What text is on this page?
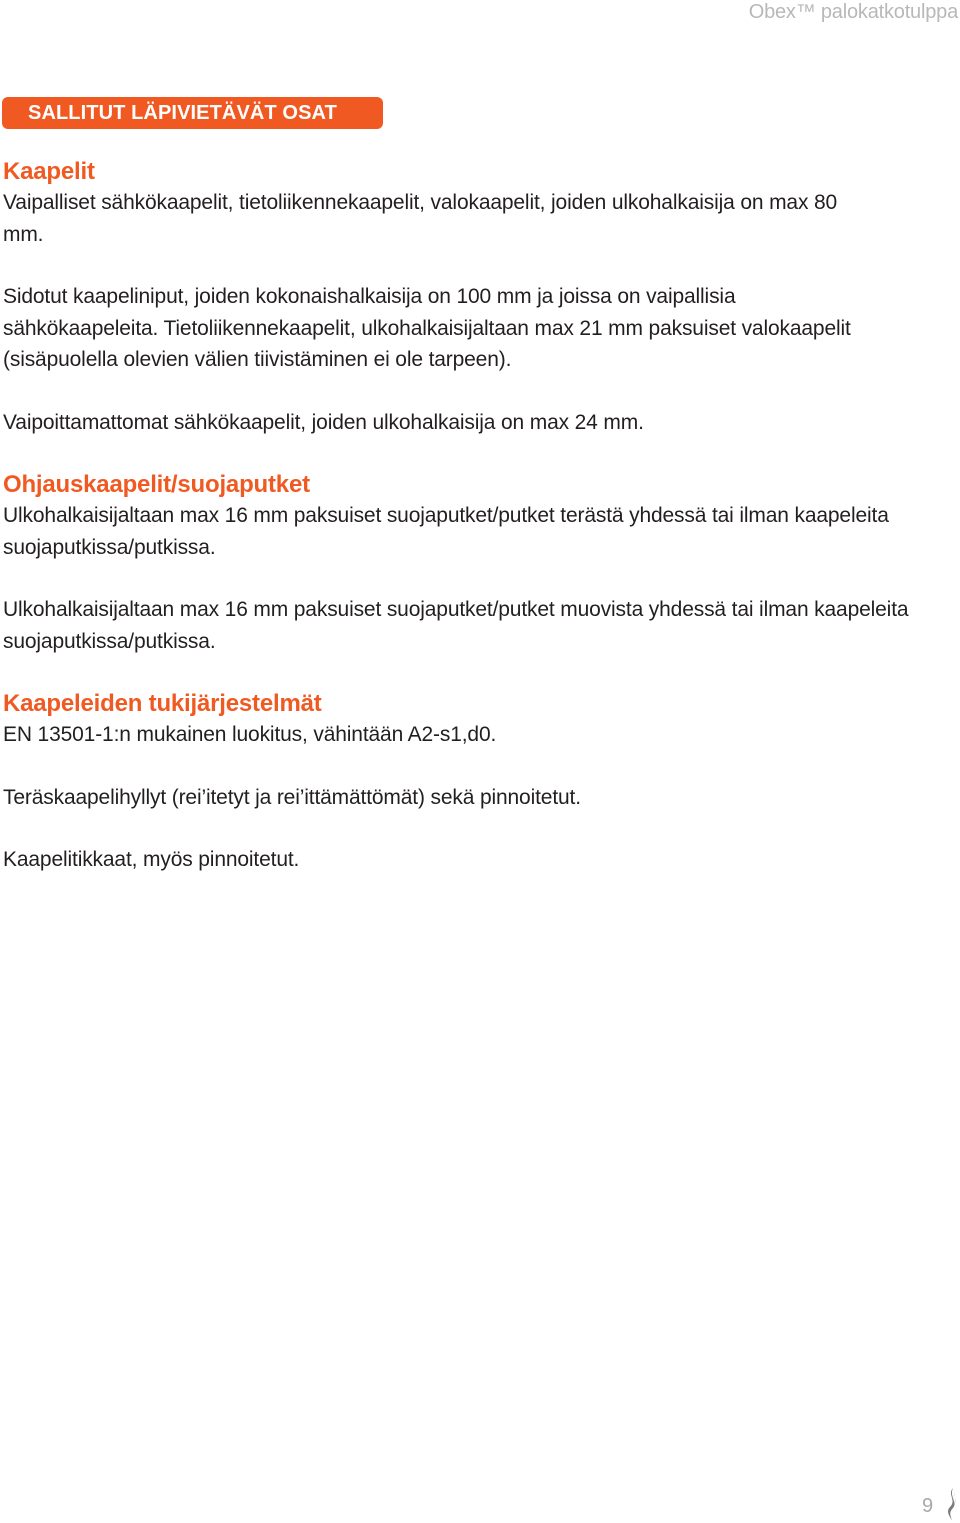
Obex™ palokatkotulppa
SALLITUT LÄPIVIETÄVÄT OSAT
Kaapelit

Vaipalliset sähkökaapelit, tietoliikennekaapelit, valokaapelit, joiden ulkohalkaisija on max 80 mm.

Sidotut kaapeliniput, joiden kokonaishalkaisija on 100 mm ja joissa on vaipallisia sähkökaapeleita. Tietoliikennekaapelit, ulkohalkaisijaltaan max 21 mm paksuiset valokaapelit (sisäpuolella olevien välien tiivistäminen ei ole tarpeen).

Vaipoittamattomat sähkökaapelit, joiden ulkohalkaisija on max 24 mm.

Ohjauskaapelit/suojaputket

Ulkohalkaisijaltaan max 16 mm paksuiset suojaputket/putket terästä yhdessä tai ilman kaapeleita suojaputkissa/putkissa.

Ulkohalkaisijaltaan max 16 mm paksuiset suojaputket/putket muovista yhdessä tai ilman kaapeleita suojaputkissa/putkissa.

Kaapeleiden tukijärjestelmät

EN 13501-1:n mukainen luokitus, vähintään A2-s1,d0.

Teräskaapelihyllyt (rei’itetyt ja rei’ittämättömät) sekä pinnoitetut.

Kaapelitikkaat, myös pinnoitetut.

9
